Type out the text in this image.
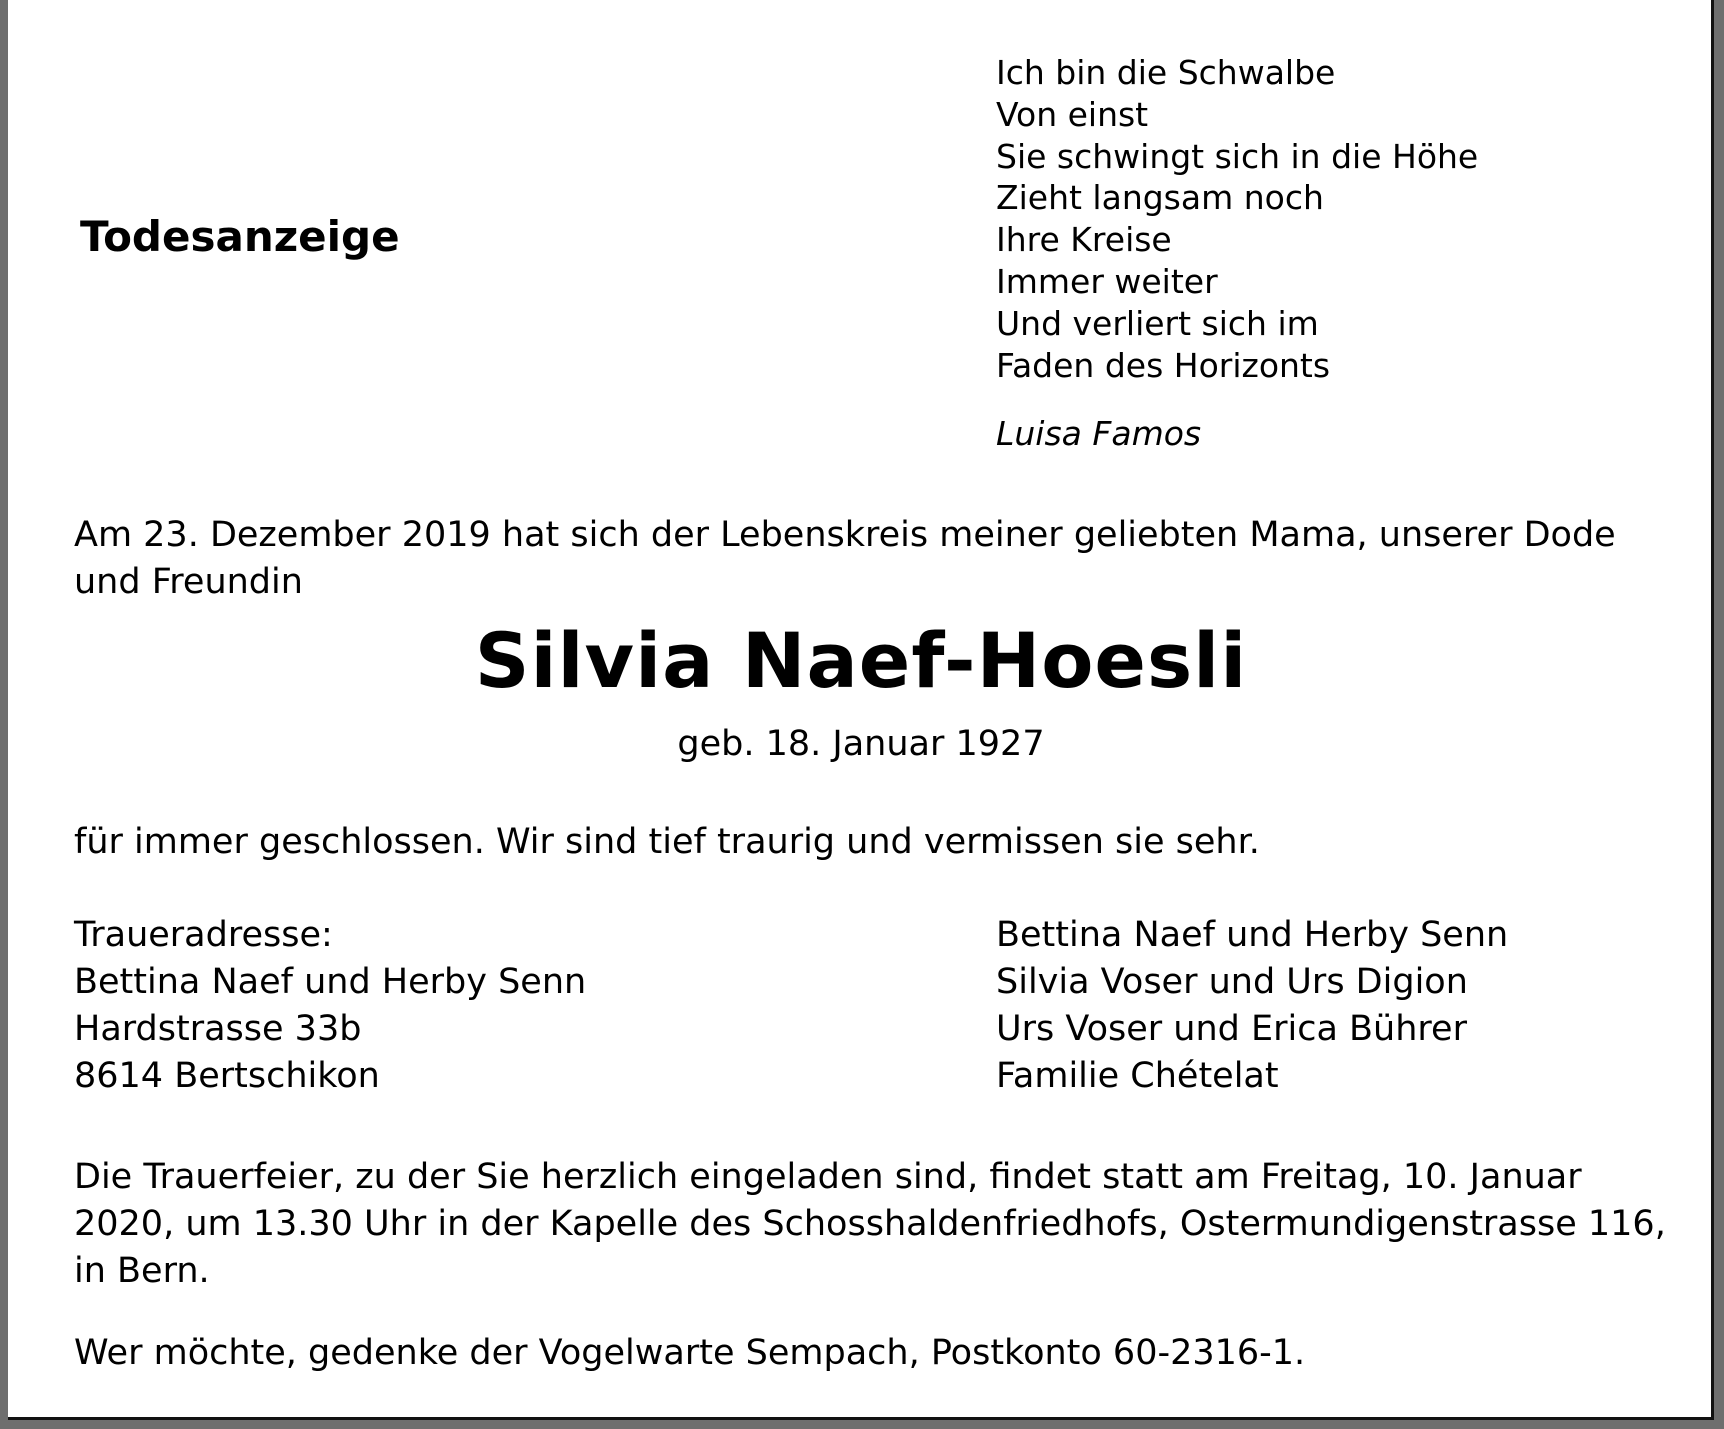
Todesanzeige
Ich bin die Schwalbe
Von einst
Sie schwingt sich in die Höhe
Zieht langsam noch
Ihre Kreise
Immer weiter
Und verliert sich im
Faden des Horizonts
Luisa Famos
Am 23. Dezember 2019 hat sich der Lebenskreis meiner geliebten Mama, unserer Dode und Freundin
Silvia Naef-Hoesli
geb. 18. Januar 1927
für immer geschlossen. Wir sind tief traurig und vermissen sie sehr.
Traueradresse:
Bettina Naef und Herby Senn
Hardstrasse 33b
8614 Bertschikon
Bettina Naef und Herby Senn
Silvia Voser und Urs Digion
Urs Voser und Erica Bührer
Familie Chételat
Die Trauerfeier, zu der Sie herzlich eingeladen sind, findet statt am Freitag, 10. Januar 2020, um 13.30 Uhr in der Kapelle des Schosshaldenfriedhofs, Ostermundigenstrasse 116, in Bern.
Wer möchte, gedenke der Vogelwarte Sempach, Postkonto 60-2316-1.
